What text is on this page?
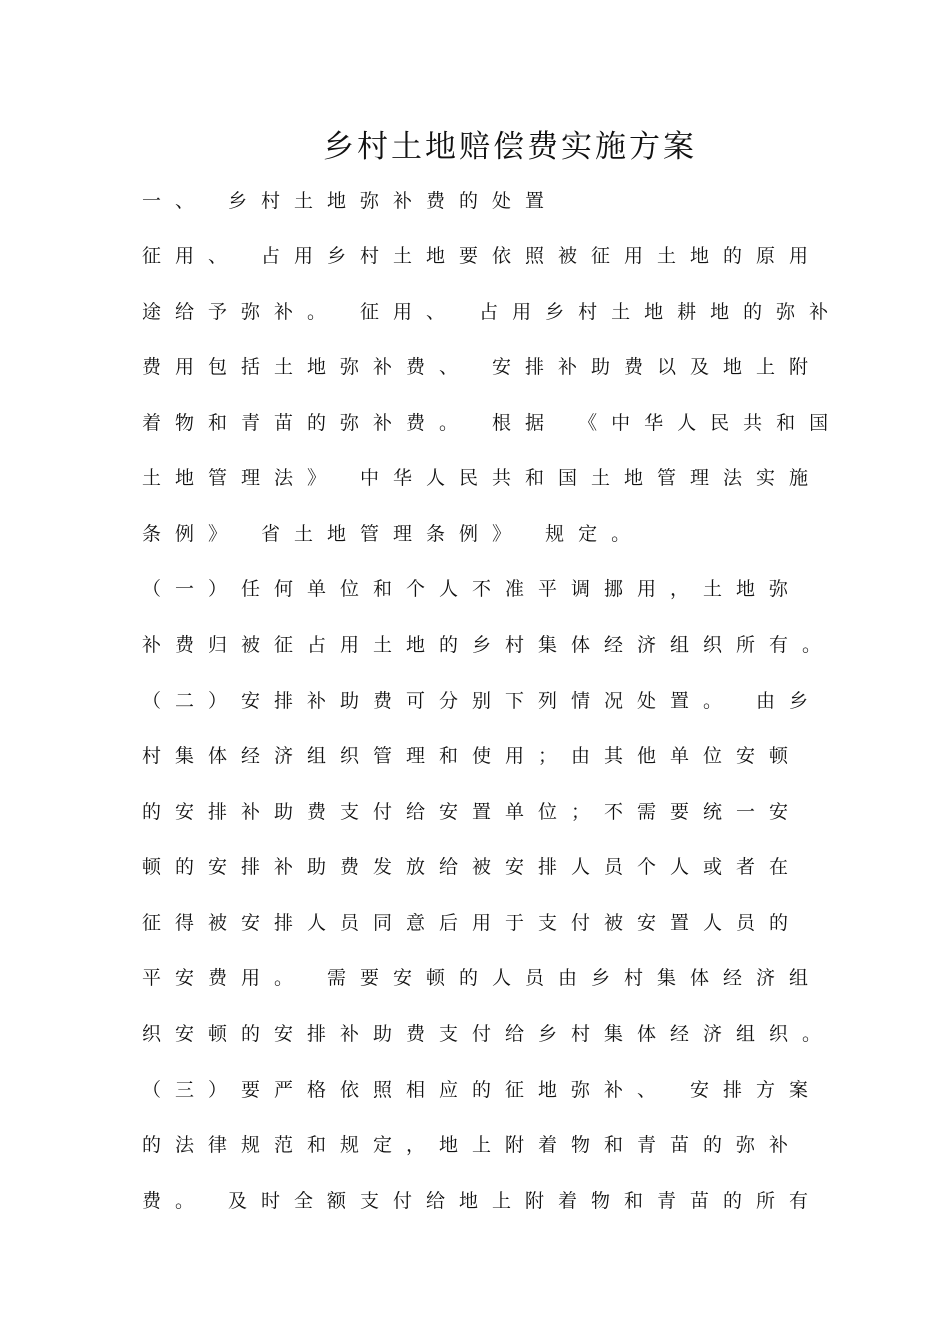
乡村土地赔偿费实施方案
一、 乡村土地弥补费的处置
征用、 占用乡村土地要依照被征用土地的原用
途给予弥补。 征用、 占用乡村土地耕地的弥补
费用包括土地弥补费、 安排补助费以及地上附
着物和青苗的弥补费。 根据 《中华人民共和国
土地管理法》 中华人民共和国土地管理法实施
条例》 省土地管理条例》 规定。
（一）任何单位和个人不准平调挪用，土地弥
补费归被征占用土地的乡村集体经济组织所有。
（二）安排补助费可分别下列情况处置。 由乡
村集体经济组织管理和使用；由其他单位安顿
的安排补助费支付给安置单位；不需要统一安
顿的安排补助费发放给被安排人员个人或者在
征得被安排人员同意后用于支付被安置人员的
平安费用。 需要安顿的人员由乡村集体经济组
织安顿的安排补助费支付给乡村集体经济组织。
（三）要严格依照相应的征地弥补、 安排方案
的法律规范和规定，地上附着物和青苗的弥补
费。 及时全额支付给地上附着物和青苗的所有
